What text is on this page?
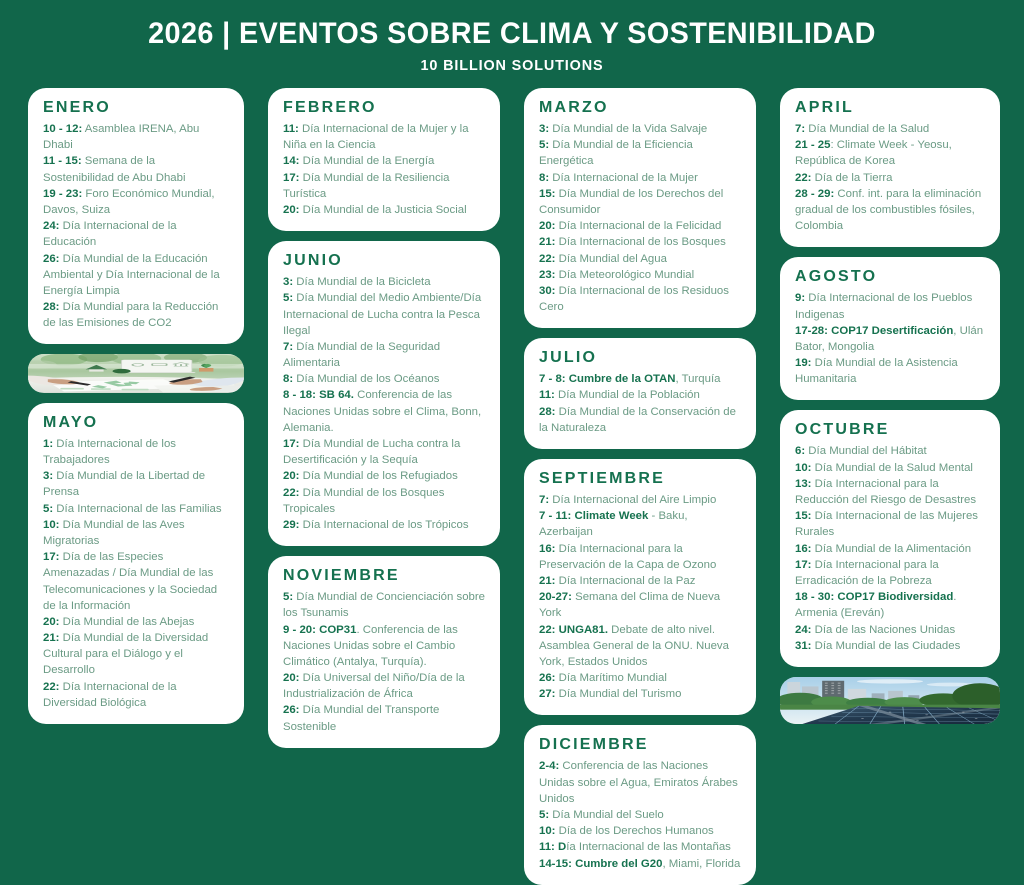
2026 | EVENTOS SOBRE CLIMA Y SOSTENIBILIDAD
10 BILLION SOLUTIONS
ENERO
10 - 12: Asamblea IRENA, Abu Dhabi
11 - 15: Semana de la Sostenibilidad de Abu Dhabi
19 - 23: Foro Económico Mundial, Davos, Suiza
24: Día Internacional de la Educación
26: Día Mundial de la Educación Ambiental y Día Internacional de la Energía Limpia
28: Día Mundial para la Reducción de las Emisiones de CO2
MAYO
1: Día Internacional de los Trabajadores
3: Día Mundial de la Libertad de Prensa
5: Día Internacional de las Familias
10: Día Mundial de las Aves Migratorias
17: Día de las Especies Amenazadas / Día Mundial de las Telecomunicaciones y la Sociedad de la Información
20: Día Mundial de las Abejas
21: Día Mundial de la Diversidad Cultural para el Diálogo y el Desarrollo
22: Día Internacional de la Diversidad Biológica
FEBRERO
11: Día Internacional de la Mujer y la Niña en la Ciencia
14: Día Mundial de la Energía
17: Día Mundial de la Resiliencia Turística
20: Día Mundial de la Justicia Social
JUNIO
3: Día Mundial de la Bicicleta
5: Día Mundial del Medio Ambiente/Día Internacional de Lucha contra la Pesca Ilegal
7: Día Mundial de la Seguridad Alimentaria
8: Día Mundial de los Océanos
8 - 18: SB 64. Conferencia de las Naciones Unidas sobre el Clima, Bonn, Alemania.
17: Día Mundial de Lucha contra la Desertificación y la Sequía
20: Día Mundial de los Refugiados
22: Día Mundial de los Bosques Tropicales
29: Día Internacional de los Trópicos
NOVIEMBRE
5: Día Mundial de Concienciación sobre los Tsunamis
9 - 20: COP31. Conferencia de las Naciones Unidas sobre el Cambio Climático (Antalya, Turquía).
20: Día Universal del Niño/Día de la Industrialización de África
26: Día Mundial del Transporte Sostenible
MARZO
3: Día Mundial de la Vida Salvaje
5: Día Mundial de la Eficiencia Energética
8: Día Internacional de la Mujer
15: Día Mundial de los Derechos del Consumidor
20: Día Internacional de la Felicidad
21: Día Internacional de los Bosques
22: Día Mundial del Agua
23: Día Meteorológico Mundial
30: Día Internacional de los Residuos Cero
JULIO
7 - 8: Cumbre de la OTAN, Turquía
11: Día Mundial de la Población
28: Día Mundial de la Conservación de la Naturaleza
SEPTIEMBRE
7: Día Internacional del Aire Limpio
7 - 11: Climate Week - Baku, Azerbaijan
16: Día Internacional para la Preservación de la Capa de Ozono
21: Día Internacional de la Paz
20-27: Semana del Clima de Nueva York
22: UNGA81. Debate de alto nivel. Asamblea General de la ONU. Nueva York, Estados Unidos
26: Día Marítimo Mundial
27: Día Mundial del Turismo
DICIEMBRE
2-4: Conferencia de las Naciones Unidas sobre el Agua, Emiratos Árabes Unidos
5: Día Mundial del Suelo
10: Día de los Derechos Humanos
11: Día Internacional de las Montañas
14-15: Cumbre del G20, Miami, Florida
APRIL
7: Día Mundial de la Salud
21 - 25: Climate Week - Yeosu, República de Korea
22: Día de la Tierra
28 - 29: Conf. int. para la eliminación gradual de los combustibles fósiles, Colombia
AGOSTO
9: Día Internacional de los Pueblos Indigenas
17-28: COP17 Desertificación, Ulán Bator, Mongolia
19: Día Mundial de la Asistencia Humanitaria
OCTUBRE
6: Día Mundial del Hábitat
10: Día Mundial de la Salud Mental
13: Día Internacional para la Reducción del Riesgo de Desastres
15: Día Internacional de las Mujeres Rurales
16: Día Mundial de la Alimentación
17: Día Internacional para la Erradicación de la Pobreza
18 - 30: COP17 Biodiversidad. Armenia (Ereván)
24: Día de las Naciones Unidas
31: Día Mundial de las Ciudades
